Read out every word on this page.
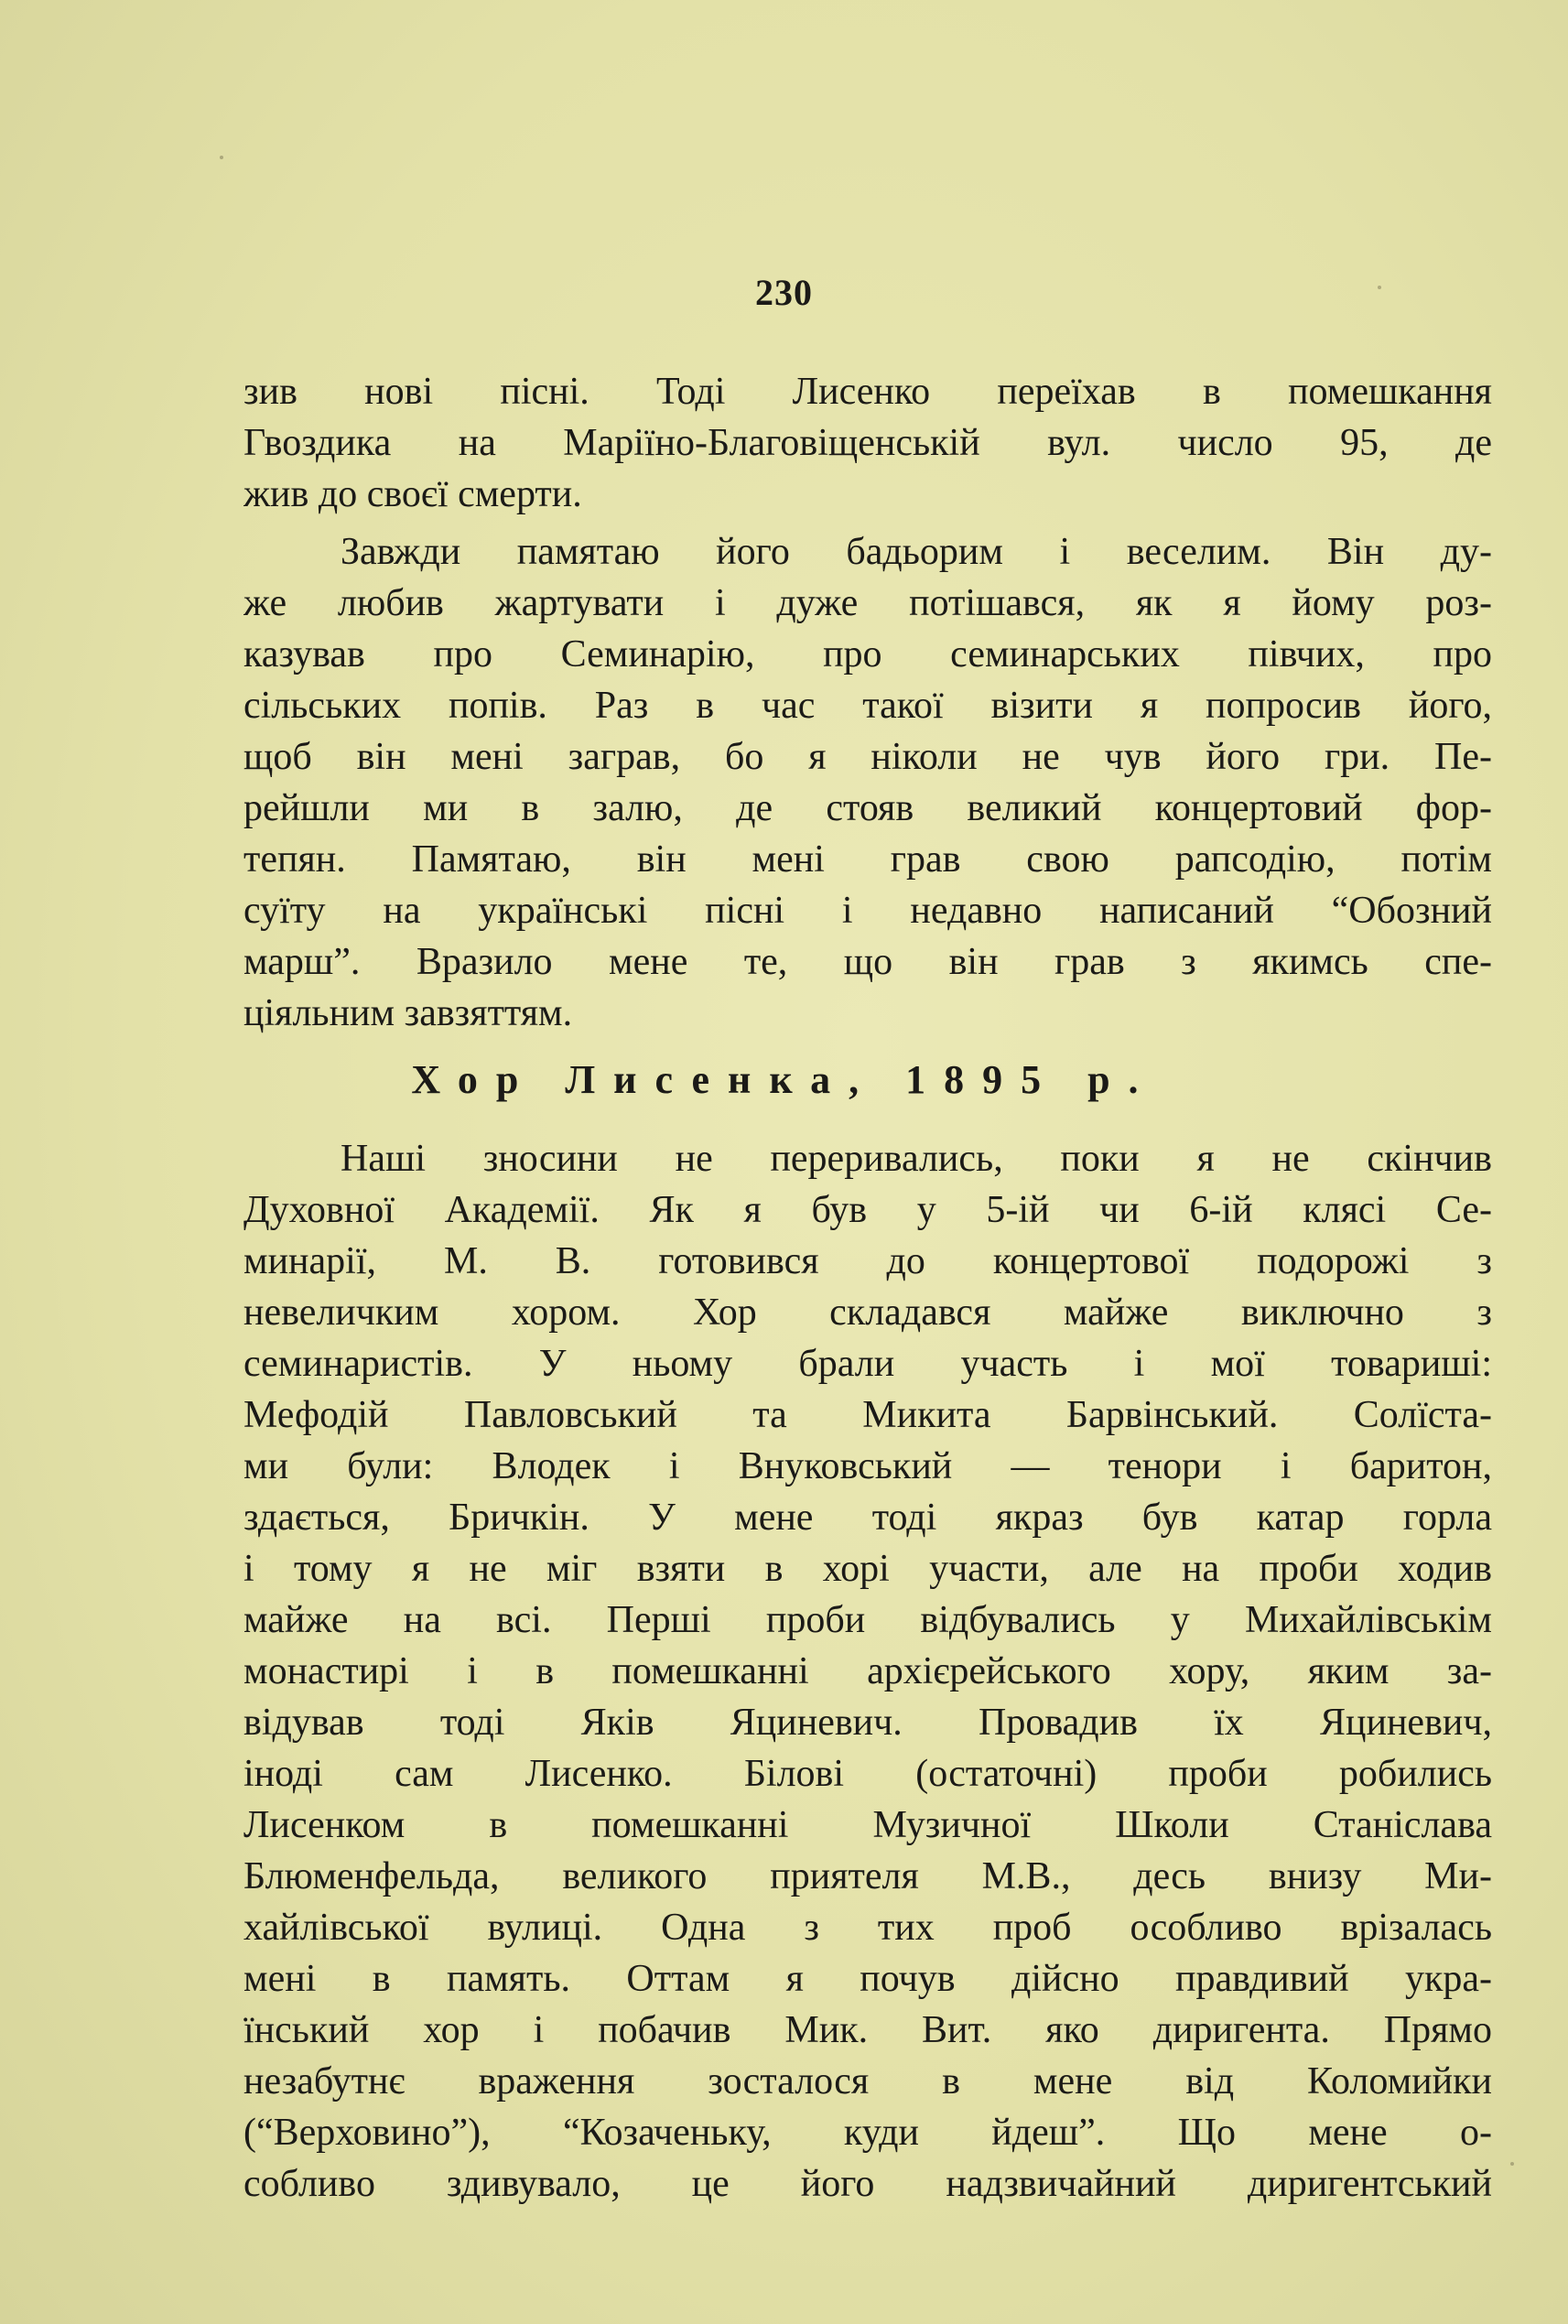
230
зив нові пісні. Тоді Лисенко переїхав в помешкання
Гвоздика на Маріїно-Благовіщенській вул. число 95, де
жив до своєї смерти.
Завжди памятаю його бадьорим і веселим. Він ду-
же любив жартувати і дуже потішався, як я йому роз-
казував про Семинарію, про семинарських півчих, про
сільських попів. Раз в час такої візити я попросив його,
щоб він мені заграв, бо я ніколи не чув його гри. Пе-
рейшли ми в залю, де стояв великий концертовий фор-
тепян. Памятаю, він мені грав свою рапсодію, потім
суїту на українські пісні і недавно написаний “Обозний
марш”. Вразило мене те, що він грав з якимсь спе-
ціяльним завзяттям.
Хор Лисенка, 1895 р.
Наші зносини не переривались, поки я не скінчив
Духовної Академії. Як я був у 5-ій чи 6-ій клясі Се-
минарії, М. В. готовився до концертової подорожі з
невеличким хором. Хор складався майже виключно з
семинаристів. У ньому брали участь і мої товариші:
Мефодій Павловський та Микита Барвінський. Солїста-
ми були: Влодек і Внуковський — тенори і баритон,
здається, Бричкін. У мене тоді якраз був катар горла
і тому я не міг взяти в хорі участи, але на проби ходив
майже на всі. Перші проби відбувались у Михайлівськім
монастирі і в помешканні архієрейського хору, яким за-
відував тоді Яків Яциневич. Провадив їх Яциневич,
іноді сам Лисенко. Білові (остаточні) проби робились
Лисенком в помешканні Музичної Школи Станіслава
Блюменфельда, великого приятеля М.В., десь внизу Ми-
хайлівської вулиці. Одна з тих проб особливо врізалась
мені в память. Оттам я почув дійсно правдивий укра-
їнський хор і побачив Мик. Вит. яко диригента. Прямо
незабутнє враження зосталося в мене від Коломийки
(“Верховино”), “Козаченьку, куди йдеш”. Що мене о-
собливо здивувало, це його надзвичайний диригентський
